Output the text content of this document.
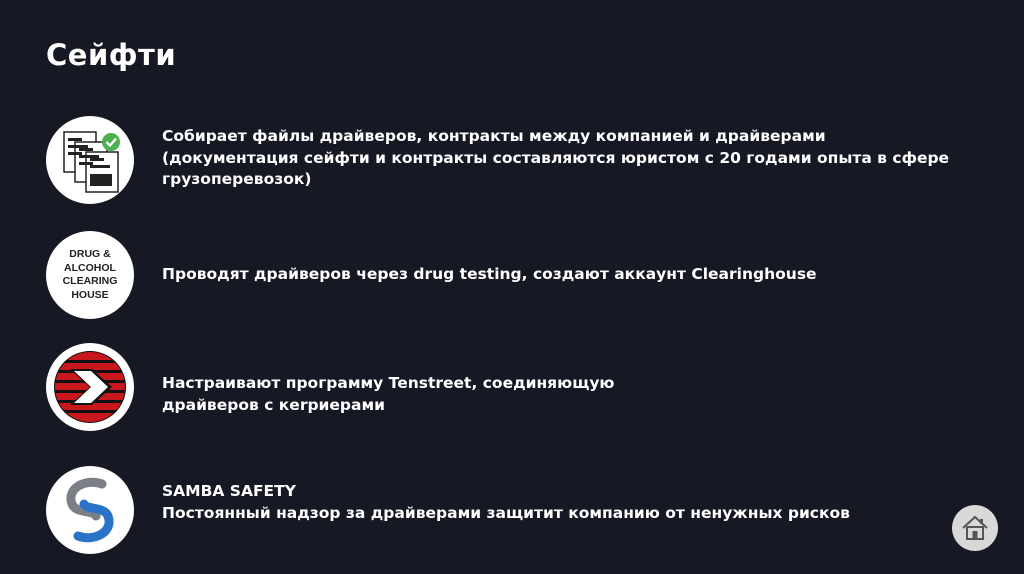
Сейфти
Собирает файлы драйверов, контракты между компанией и драйверами
(документация сейфти и контракты составляются юристом с 20 годами опыта в сфере
грузоперевозок)
DRUG &
ALCOHOL
CLEARING
HOUSE
Проводят драйверов через drug testing, создают аккаунт Clearinghouse
Настраивают программу Tenstreet, соединяющую
драйверов с кerриерами
SAMBA SAFETY
Постоянный надзор за драйверами защитит компанию от ненужных рисков
